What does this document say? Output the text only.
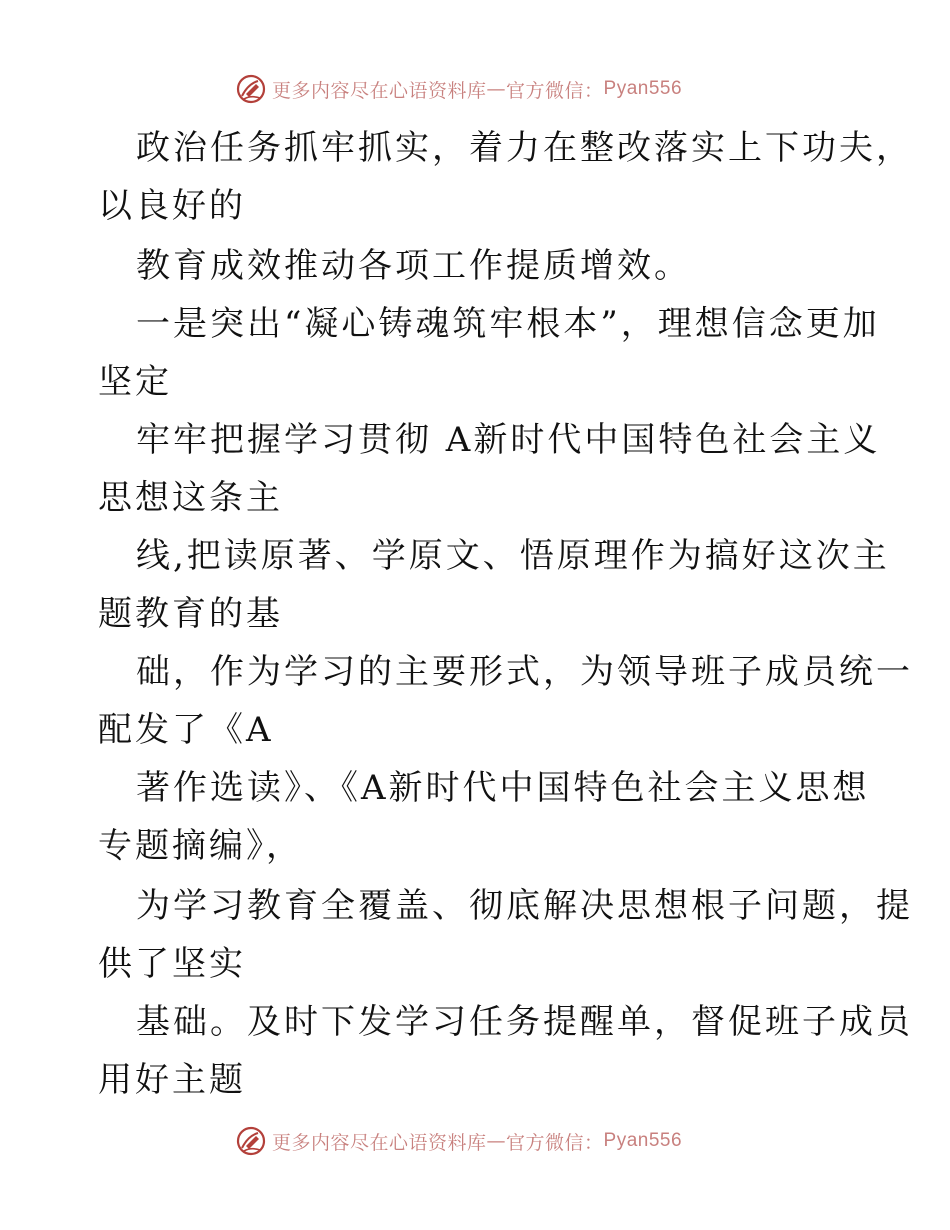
更多内容尽在心语资料库 — 官方微信： Pyan556
政治任务抓牢抓实，着力在整改落实上下功夫，
以良好的
教育成效推动各项工作提质增效。
一是突出“凝心铸魂筑牢根本”，理想信念更加
坚定
牢牢把握学习贯彻 A新时代中国特色社会主义
思想这条主
线,把读原著、学原文、悟原理作为搞好这次主
题教育的基
础，作为学习的主要形式，为领导班子成员统一
配发了《A
著作选读》、《A新时代中国特色社会主义思想
专题摘编》，
为学习教育全覆盖、彻底解决思想根子问题，提
供了坚实
基础。及时下发学习任务提醒单，督促班子成员
用好主题
更多内容尽在心语资料库 — 官方微信： Pyan556
